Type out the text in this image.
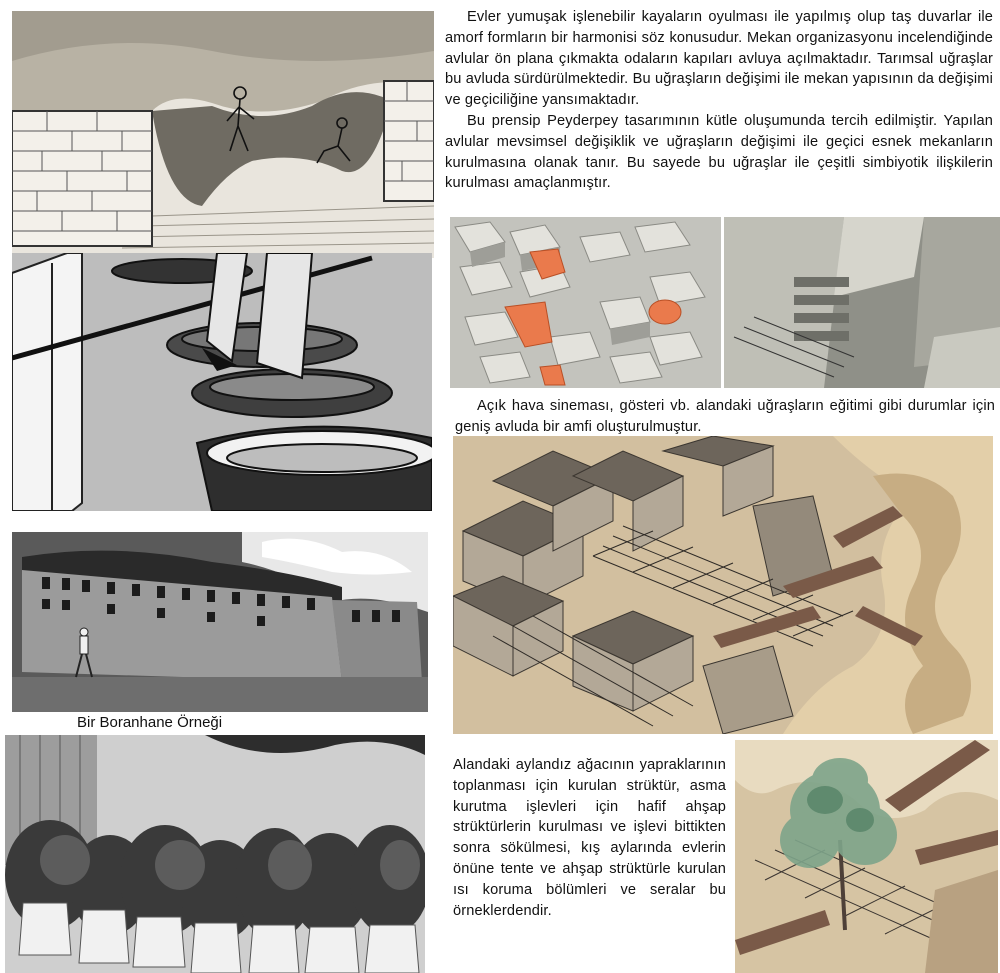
Bir Boranhane Örneği

Evler yumuşak işlenebilir kayaların oyulması ile yapılmış olup taş duvarlar ile amorf formların bir harmonisi söz konusudur. Mekan organizasyonu incelendiğinde avlular ön plana çıkmakta odaların kapıları avluya açılmaktadır. Tarımsal uğraşlar bu avluda sürdürülmektedir. Bu uğraşların değişimi ile mekan yapısının da değişimi ve geçiciliğine yansımaktadır.

Bu prensip Peyderpey tasarımının kütle oluşumunda tercih edilmiştir. Yapılan avlular mevsimsel değişiklik ve uğraşların değişimi ile geçici esnek mekanların kurulmasına olanak tanır. Bu sayede bu uğraşlar ile çeşitli simbiyotik ilişkilerin kurulması amaçlanmıştır.

Açık hava sineması, gösteri vb. alandaki uğraşların eğitimi gibi durumlar için geniş avluda bir amfi oluşturulmuştur.

Alandaki aylandız ağacının yapraklarının toplanması için kurulan strüktür, asma kurutma işlevleri için hafif ahşap strüktürlerin kurulması ve işlevi bittikten sonra sökülmesi, kış aylarında evlerin önüne tente ve ahşap strüktürle kurulan ısı koruma bölümleri ve seralar bu örneklerdendir.
